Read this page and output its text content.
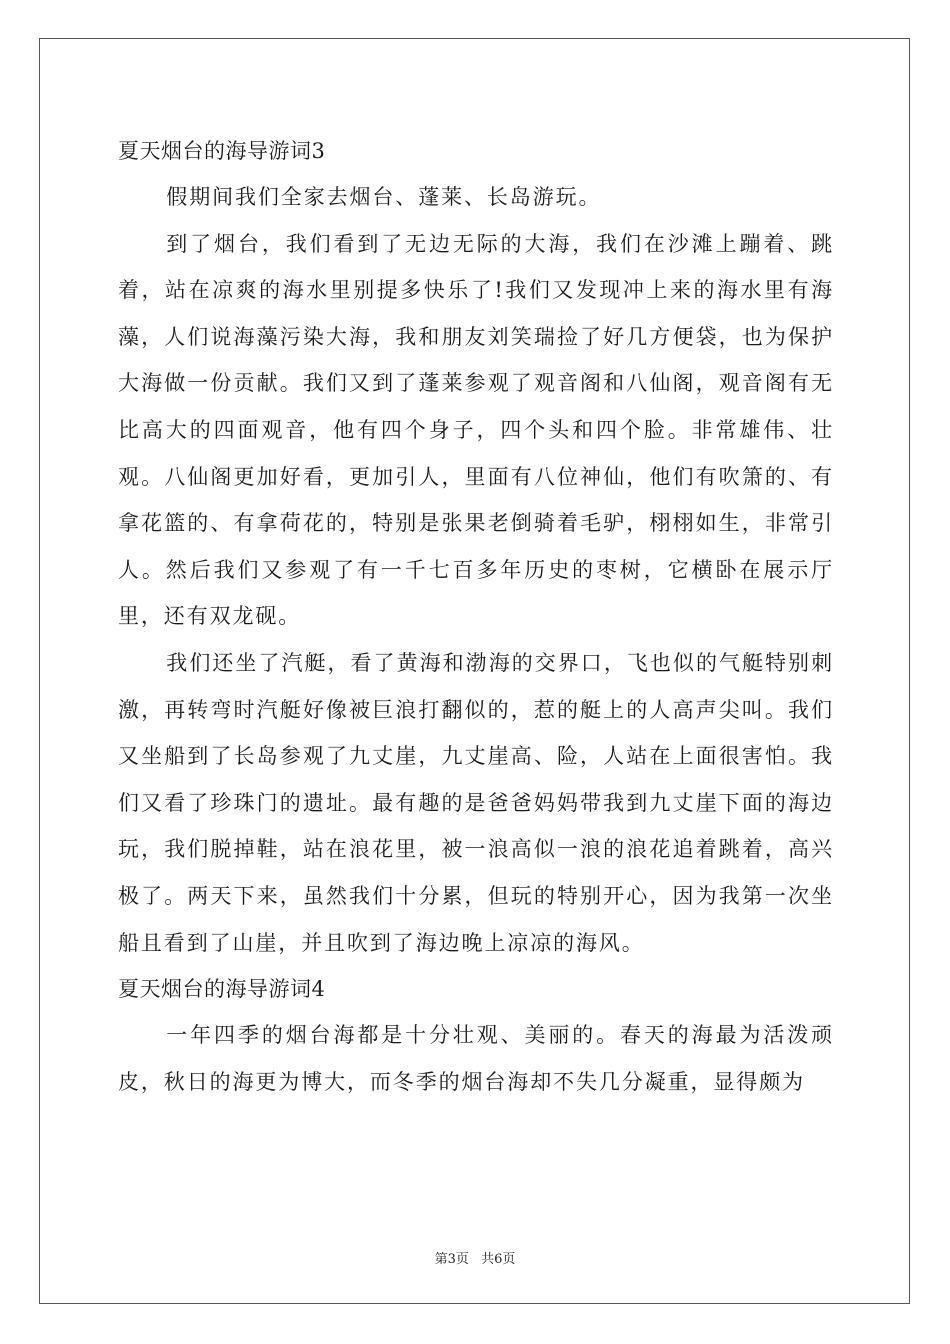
夏天烟台的海导游词3

假期间我们全家去烟台、蓬莱、长岛游玩。

到了烟台，我们看到了无边无际的大海，我们在沙滩上蹦着、跳着，站在凉爽的海水里别提多快乐了!我们又发现冲上来的海水里有海藻，人们说海藻污染大海，我和朋友刘笑瑞捡了好几方便袋，也为保护大海做一份贡献。我们又到了蓬莱参观了观音阁和八仙阁，观音阁有无比高大的四面观音，他有四个身子，四个头和四个脸。非常雄伟、壮观。八仙阁更加好看，更加引人，里面有八位神仙，他们有吹箫的、有拿花篮的、有拿荷花的，特别是张果老倒骑着毛驴，栩栩如生，非常引人。然后我们又参观了有一千七百多年历史的枣树，它横卧在展示厅里，还有双龙砚。

我们还坐了汽艇，看了黄海和渤海的交界口，飞也似的气艇特别刺激，再转弯时汽艇好像被巨浪打翻似的，惹的艇上的人高声尖叫。我们又坐船到了长岛参观了九丈崖，九丈崖高、险，人站在上面很害怕。我们又看了珍珠门的遗址。最有趣的是爸爸妈妈带我到九丈崖下面的海边玩，我们脱掉鞋，站在浪花里，被一浪高似一浪的浪花追着跳着，高兴极了。两天下来，虽然我们十分累，但玩的特别开心，因为我第一次坐船且看到了山崖，并且吹到了海边晚上凉凉的海风。

夏天烟台的海导游词4

一年四季的烟台海都是十分壮观、美丽的。春天的海最为活泼顽皮，秋日的海更为博大，而冬季的烟台海却不失几分凝重，显得颇为

第3页 共6页
